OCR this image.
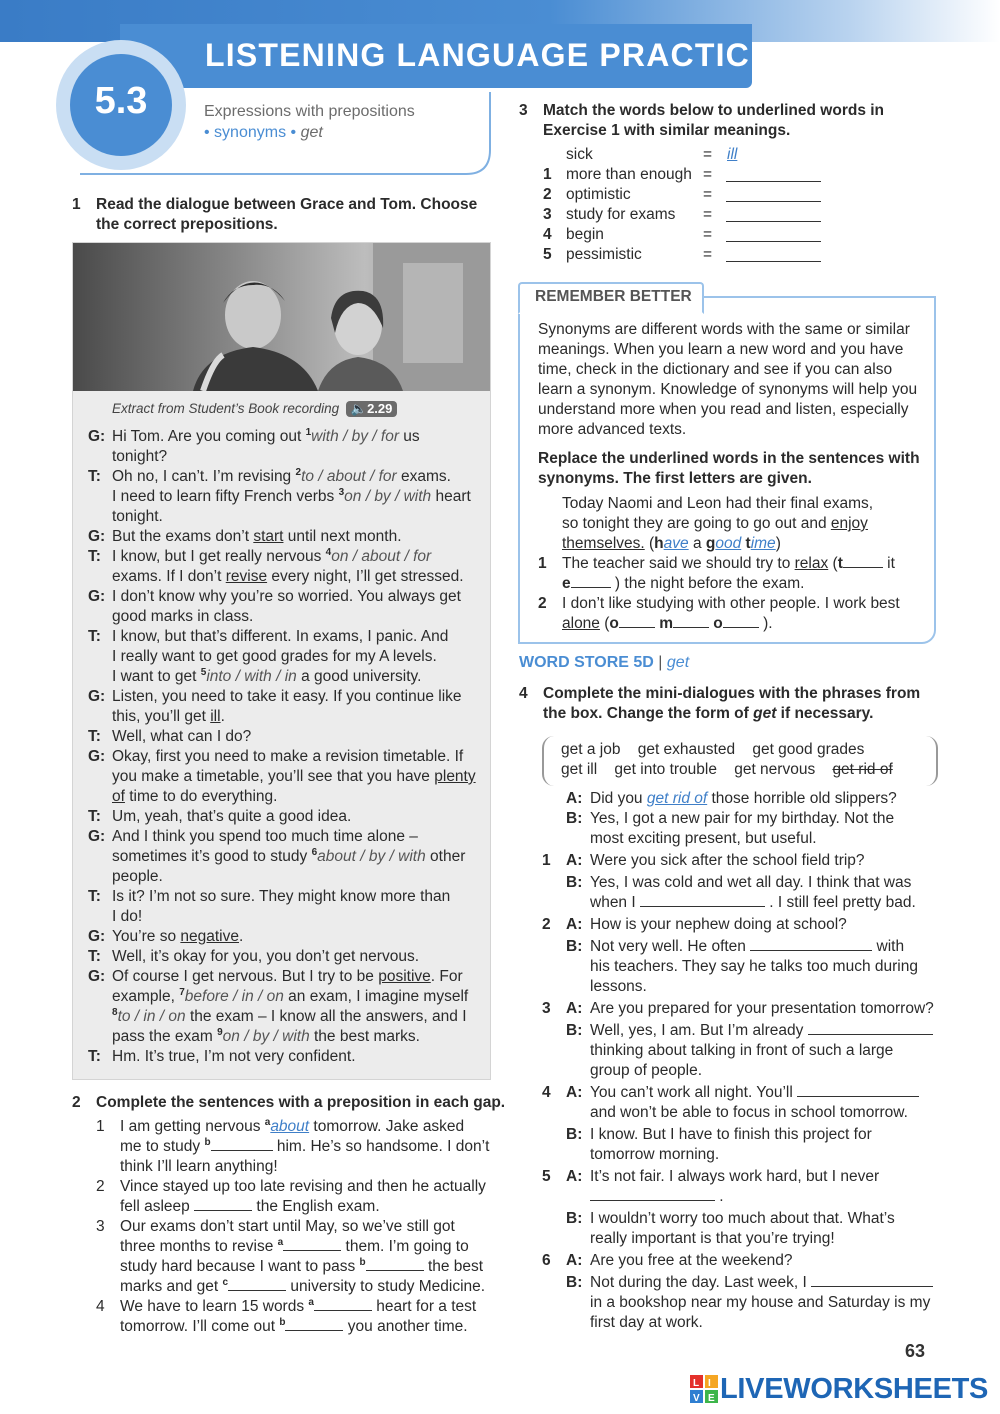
LISTENING LANGUAGE PRACTICE
5.3	Expressions with prepositions
• synonyms • get
1 Read the dialogue between Grace and Tom. Choose
the correct prepositions.
Extract from Student’s Book recording 🔈2.29
G: Hi Tom. Are you coming out $^1$with / by / for us
tonight?
T: Oh no, I can’t. I’m revising $^2$to / about / for exams.
I need to learn fifty French verbs $^3$on / by / with heart
tonight.
G: But the exams don’t start until next month.
T: I know, but I get really nervous $^4$on / about / for
exams. If I don’t revise every night, I’ll get stressed.
G: I don’t know why you’re so worried. You always get
good marks in class.
T: I know, but that’s different. In exams, I panic. And
I really want to get good grades for my A levels.
I want to get $^5$into / with / in a good university.
G: Listen, you need to take it easy. If you continue like
this, you’ll get ill.
T: Well, what can I do?
G: Okay, first you need to make a revision timetable. If
you make a timetable, you’ll see that you have plenty
of time to do everything.
T: Um, yeah, that’s quite a good idea.
G: And I think you spend too much time alone –
sometimes it’s good to study $^6$about / by / with other
people.
T: Is it? I’m not so sure. They might know more than
I do!
G: You’re so negative.
T: Well, it’s okay for you, you don’t get nervous.
G: Of course I get nervous. But I try to be positive. For
example, $^7$before / in / on an exam, I imagine myself
$^8$to / in / on the exam – I know all the answers, and I
pass the exam $^9$on / by / with the best marks.
T: Hm. It’s true, I’m not very confident.
2 Complete the sentences with a preposition in each gap.
1 I am getting nervous $^a$about tomorrow. Jake asked
me to study $^b$	him. He’s so handsome. I don’t
think I’ll learn anything!
2 Vince stayed up too late revising and then he actually
fell asleep	the English exam.
3 Our exams don’t start until May, so we’ve still got
three months to revise $^a$	them. I’m going to
study hard because I want to pass $^b$	the best
marks and get $^c$	university to study Medicine.
4 We have to learn 15 words $^a$	heart for a test
tomorrow. I’ll come out $^b$	you another time.
3 Match the words below to underlined words in
Exercise 1 with similar meanings.
sick	= ill
1 more than enough =
2 optimistic	=
3 study for exams =
4 begin	=
5 pessimistic	=
REMEMBER BETTER
Synonyms are different words with the same or similar
meanings. When you learn a new word and you have
time, check in the dictionary and see if you can also
learn a synonym. Knowledge of synonyms will help you
understand more when you read and listen, especially
more advanced texts.
Replace the underlined words in the sentences with
synonyms. The first letters are given.
Today Naomi and Leon had their final exams,
so tonight they are going to go out and enjoy
themselves. (have a good time)
1 The teacher said we should try to relax (t	it
e	) the night before the exam.
2 I don’t like studying with other people. I work best
alone (o	m	o ).
WORD STORE 5D | get
4 Complete the mini-dialogues with the phrases from
the box. Change the form of get if necessary.
get a job get exhausted get good grades
get ill get into trouble get nervous get rid of
A: Did you get rid of those horrible old slippers?
B: Yes, I got a new pair for my birthday. Not the
most exciting present, but useful.
1 A: Were you sick after the school field trip?
B: Yes, I was cold and wet all day. I think that was
when I	. I still feel pretty bad.
2 A: How is your nephew doing at school?
B: Not very well. He often	with
his teachers. They say he talks too much during
lessons.
3 A: Are you prepared for your presentation tomorrow?
B: Well, yes, I am. But I’m already
thinking about talking in front of such a large
group of people.
4 A: You can’t work all night. You’ll
and won’t be able to focus in school tomorrow.
B: I know. But I have to finish this project for
tomorrow morning.
5 A: It’s not fair. I always work hard, but I never
.
B: I wouldn’t worry too much about that. What’s
really important is that you’re trying!
6 A: Are you free at the weekend?
B: Not during the day. Last week, I
in a bookshop near my house and Saturday is my
first day at work.
63
L I
V E LIVEWORKSHEETS
